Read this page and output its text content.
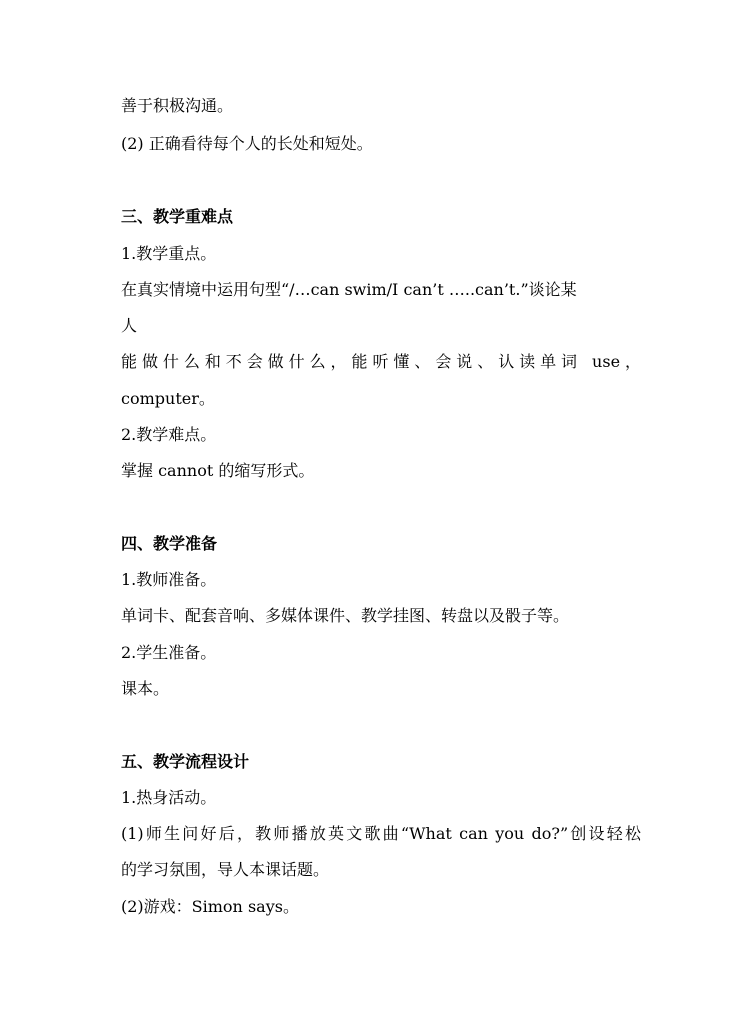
善于积极沟通。
(2) 正确看待每个人的长处和短处。
三、教学重难点
1.教学重点。
在真实情境中运用句型“/…can swim/I can’t …..can’t.”谈论某
人
能做什么和不会做什么，能听懂、会说、认读单词 use，
computer。
2.教学难点。
掌握 cannot 的缩写形式。
四、教学准备
1.教师准备。
单词卡、配套音响、多媒体课件、教学挂图、转盘以及骰子等。
2.学生准备。
课本。
五、教学流程设计
1.热身活动。
(1)师生问好后，教师播放英文歌曲“What can you do?”创设轻松
的学习氛围，导人本课话题。
(2)游戏：Simon says。
